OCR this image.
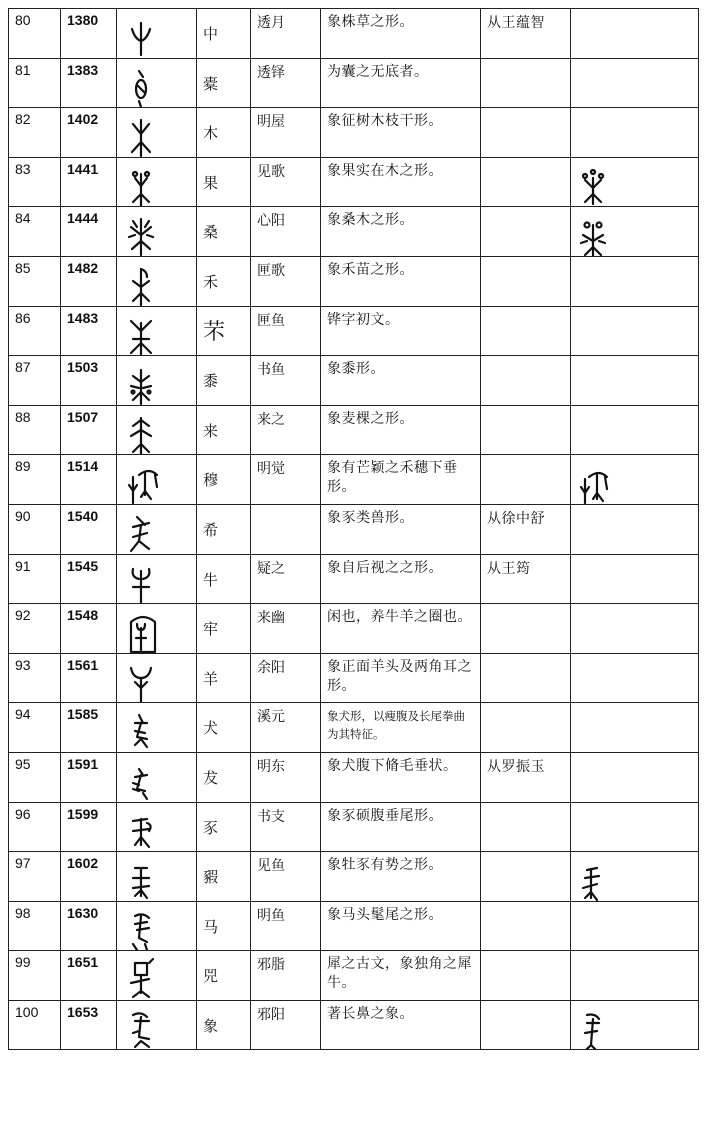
80	1380		中	透月	象株草之形。	从王蕴智	
81	1383		橐	透铎	为囊之无底者。		
82	1402		木	明屋	象征树木枝干形。		
83	1441		果	见歌	象果实在木之形。		

84	1444		桑	心阳	象桑木之形。		

85	1482		禾	匣歌	象禾苗之形。		
86	1483		芣	匣鱼	铧字初文。		
87	1503		黍	书鱼	象黍形。		
88	1507		来	来之	象麦棵之形。		
89	1514		穆	明觉	象有芒颖之禾穗下垂形。		

90	1540		希		象豕类兽形。	从徐中舒	
91	1545		牛	疑之	象自后视之之形。	从王筠	
92	1548		牢	来幽	闲也，养牛羊之圈也。		
93	1561		羊	余阳	象正面羊头及两角耳之形。		
94	1585		犬	溪元	象犬形，以瘦腹及长尾拳曲为其特征。		
95	1591		犮	明东	象犬腹下脩毛垂状。	从罗振玉	
96	1599		豕	书支	象豕硕腹垂尾形。		
97	1602		豭	见鱼	象牡豕有势之形。		

98	1630		马	明鱼	象马头髦尾之形。		
99	1651		兕	邪脂	犀之古文，象独角之犀牛。		
100	1653		象	邪阳	著长鼻之象。		
